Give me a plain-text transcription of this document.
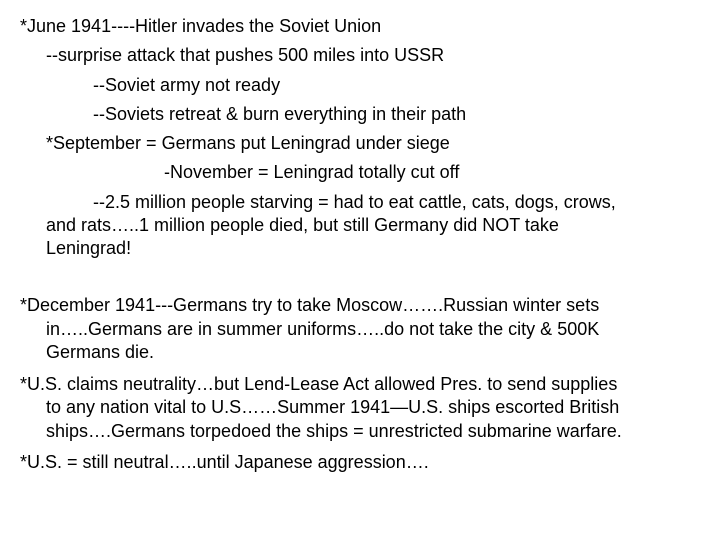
*June 1941----Hitler invades the Soviet Union
--surprise attack that pushes 500 miles into USSR
--Soviet army not ready
--Soviets retreat & burn everything in their path
*September = Germans put Leningrad under siege
-November = Leningrad totally cut off
--2.5 million people starving = had to eat cattle, cats, dogs, crows,
and rats…..1 million people died, but still Germany did NOT take
Leningrad!
*December 1941---Germans try to take Moscow…….Russian winter sets
in…..Germans are in summer uniforms…..do not take the city & 500K
Germans die.
*U.S. claims neutrality…but Lend-Lease Act allowed Pres. to send supplies
to any nation vital to U.S……Summer 1941—U.S. ships escorted British
ships….Germans torpedoed the ships = unrestricted submarine warfare.
*U.S. = still neutral…..until Japanese aggression….
